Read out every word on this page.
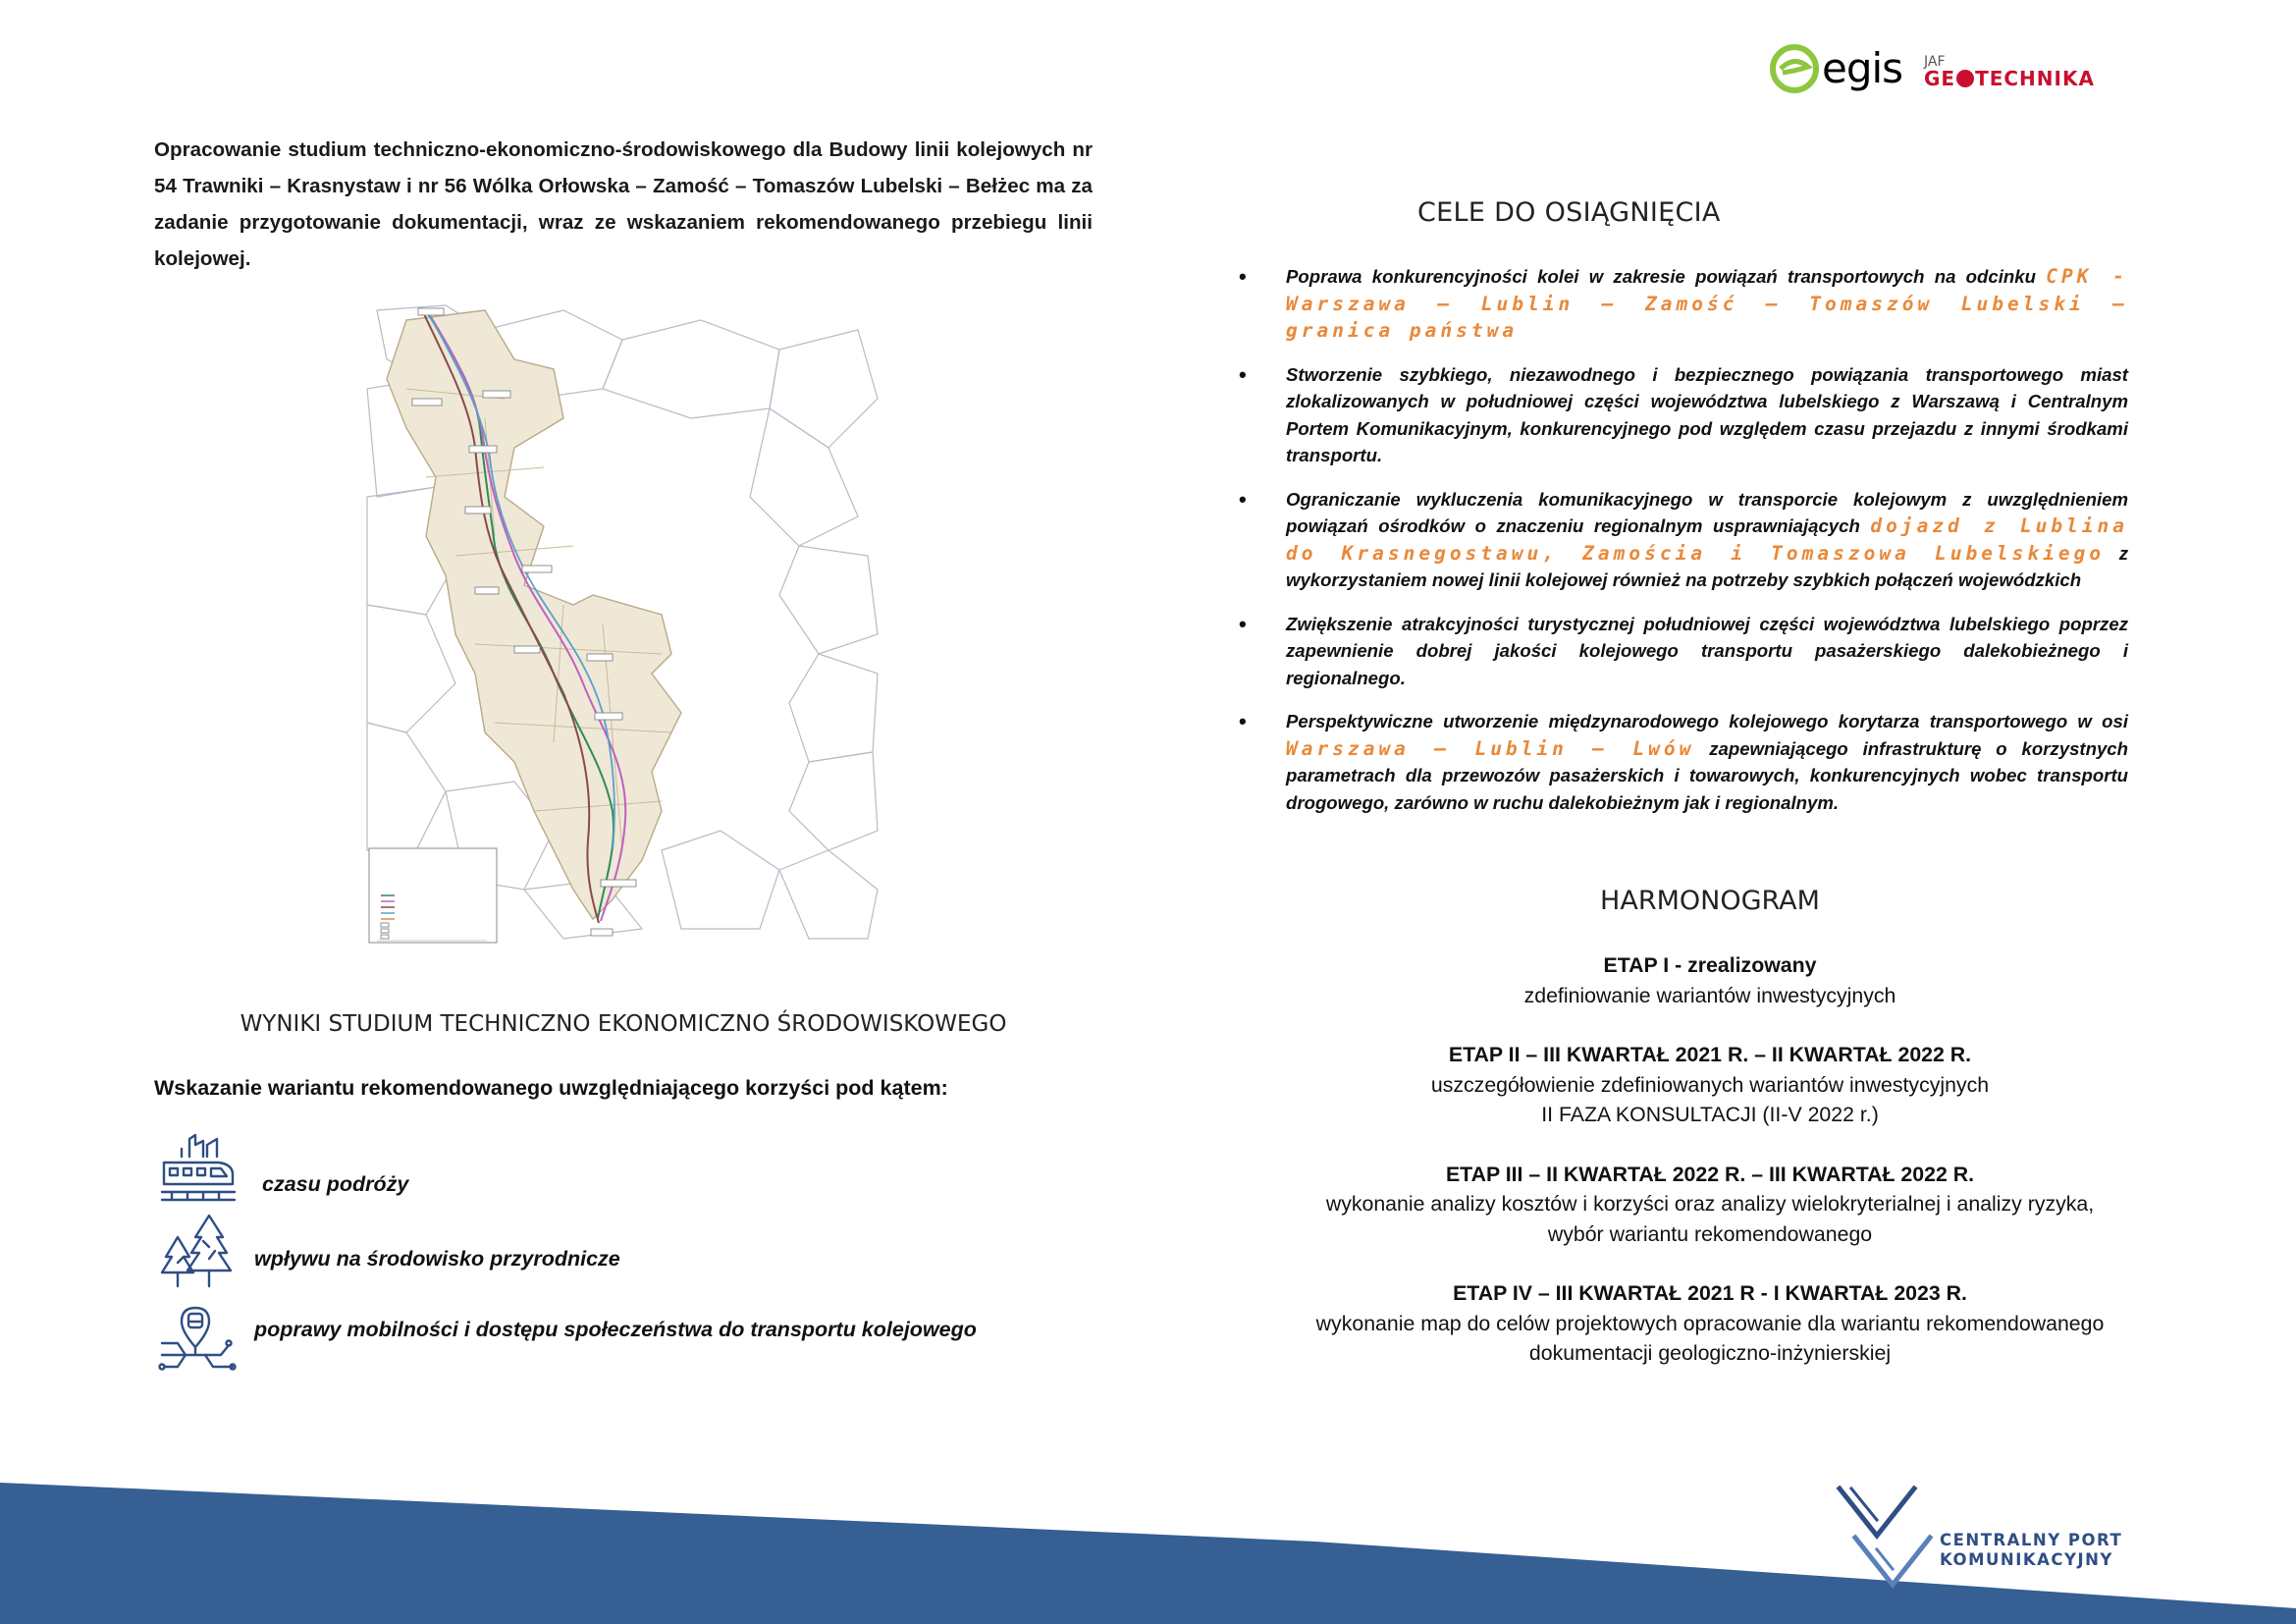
egis JAF
GE TECHNIKA
Opracowanie studium techniczno-ekonomiczno-środowiskowego dla Budowy linii kolejowych nr 54 Trawniki – Krasnystaw i nr 56 Wólka Orłowska – Zamość – Tomaszów Lubelski – Bełżec ma za zadanie przygotowanie dokumentacji, wraz ze wskazaniem rekomendowanego przebiegu linii kolejowej.
WYNIKI STUDIUM TECHNICZNO EKONOMICZNO ŚRODOWISKOWEGO
Wskazanie wariantu rekomendowanego uwzględniającego korzyści pod kątem:
czasu podróży
wpływu na środowisko przyrodnicze
poprawy mobilności i dostępu społeczeństwa do transportu kolejowego
CELE DO OSIĄGNIĘCIA
• Poprawa konkurencyjności kolei w zakresie powiązań transportowych na odcinku CPK - Warszawa – Lublin – Zamość – Tomaszów Lubelski – granica państwa
• Stworzenie szybkiego, niezawodnego i bezpiecznego powiązania transportowego miast zlokalizowanych w południowej części województwa lubelskiego z Warszawą i Centralnym Portem Komunikacyjnym, konkurencyjnego pod względem czasu przejazdu z innymi środkami transportu.
• Ograniczanie wykluczenia komunikacyjnego w transporcie kolejowym z uwzględnieniem powiązań ośrodków o znaczeniu regionalnym usprawniających dojazd z Lublina do Krasnegostawu, Zamościa i Tomaszowa Lubelskiego z wykorzystaniem nowej linii kolejowej również na potrzeby szybkich połączeń wojewódzkich
• Zwiększenie atrakcyjności turystycznej południowej części województwa lubelskiego poprzez zapewnienie dobrej jakości kolejowego transportu pasażerskiego dalekobieżnego i regionalnego.
• Perspektywiczne utworzenie międzynarodowego kolejowego korytarza transportowego w osi Warszawa – Lublin – Lwów zapewniającego infrastrukturę o korzystnych parametrach dla przewozów pasażerskich i towarowych, konkurencyjnych wobec transportu drogowego, zarówno w ruchu dalekobieżnym jak i regionalnym.
HARMONOGRAM
ETAP I - zrealizowany
zdefiniowanie wariantów inwestycyjnych
ETAP II – III KWARTAŁ 2021 R. – II KWARTAŁ 2022 R.
uszczegółowienie zdefiniowanych wariantów inwestycyjnych
II FAZA KONSULTACJI (II-V 2022 r.)
ETAP III – II KWARTAŁ 2022 R. – III KWARTAŁ 2022 R.
wykonanie analizy kosztów i korzyści oraz analizy wielokryterialnej i analizy ryzyka,
wybór wariantu rekomendowanego
ETAP IV – III KWARTAŁ 2021 R - I KWARTAŁ 2023 R.
wykonanie map do celów projektowych opracowanie dla wariantu rekomendowanego
dokumentacji geologiczno-inżynierskiej
CENTRALNY PORT
KOMUNIKACYJNY
